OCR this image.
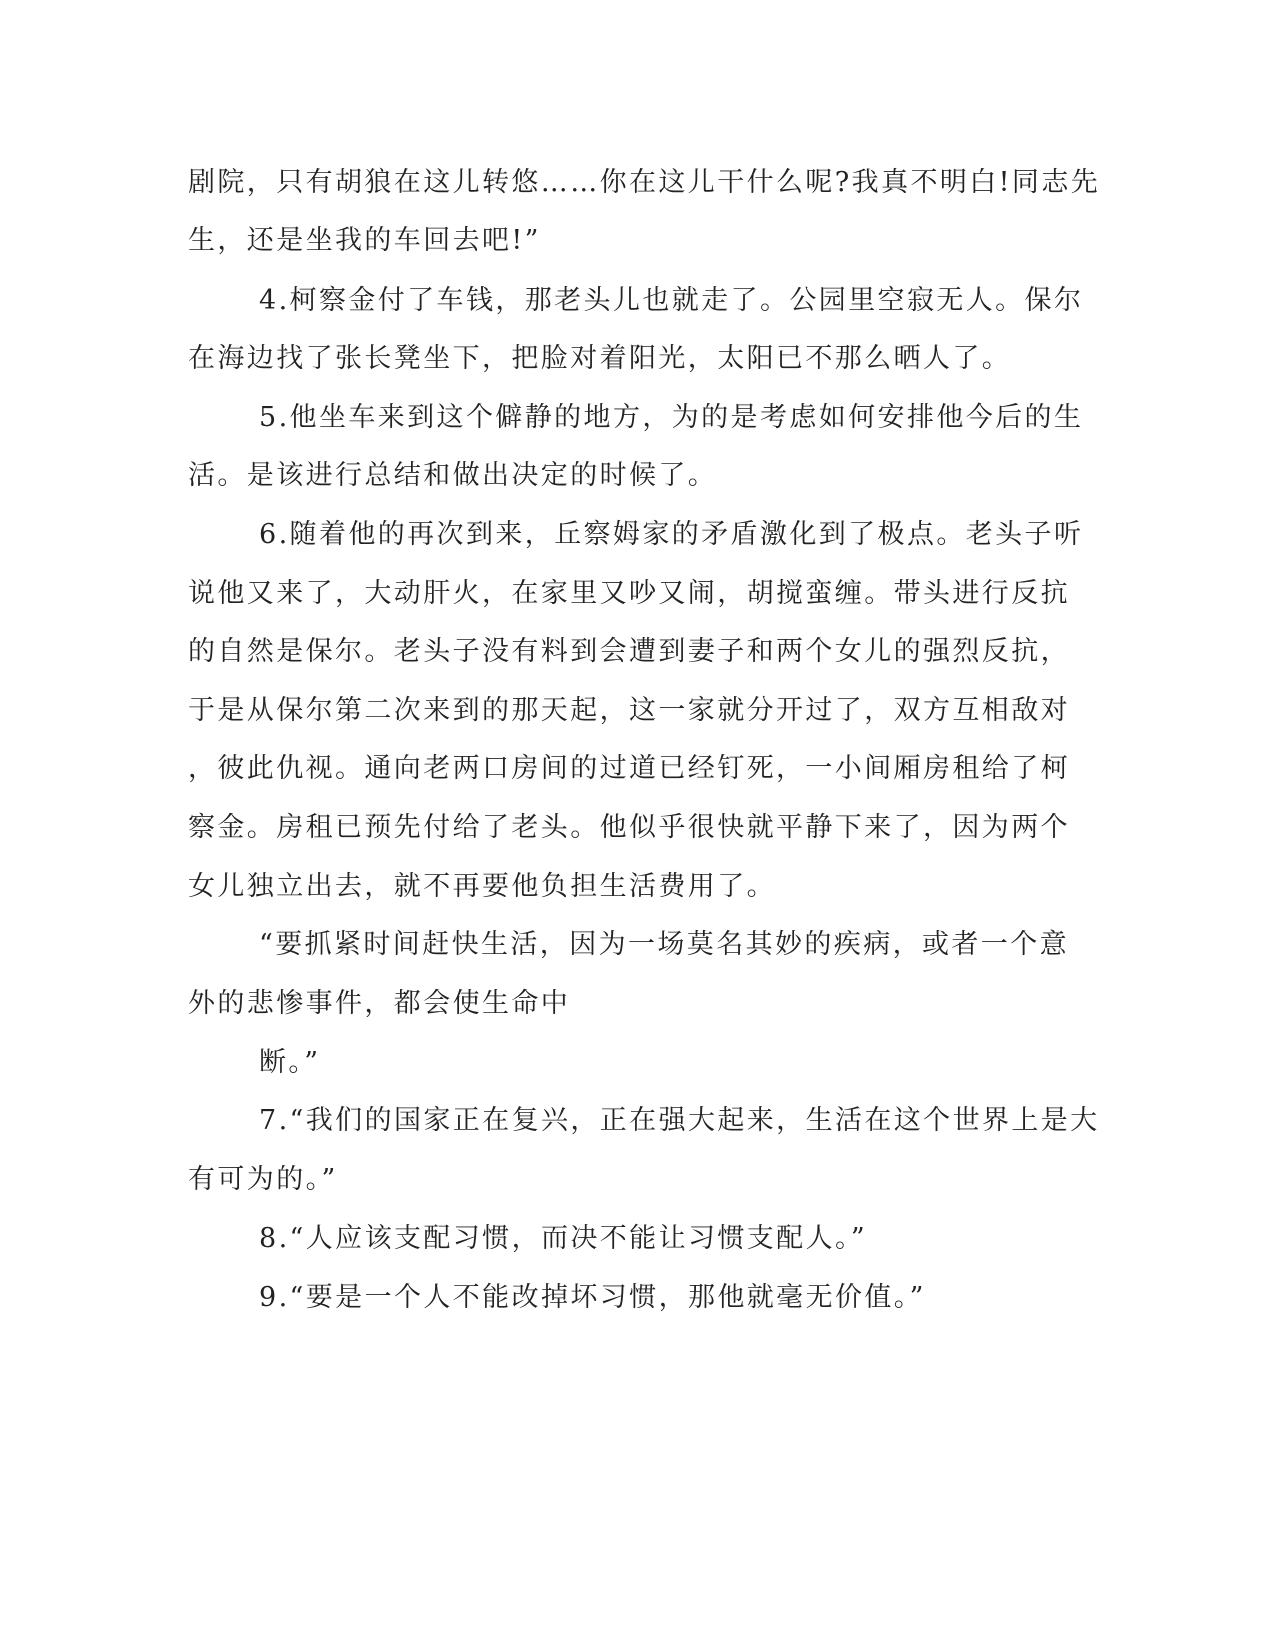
剧院，只有胡狼在这儿转悠……你在这儿干什么呢?我真不明白!同志先
生，还是坐我的车回去吧!”
4.柯察金付了车钱，那老头儿也就走了。公园里空寂无人。保尔
在海边找了张长凳坐下，把脸对着阳光，太阳已不那么晒人了。
5.他坐车来到这个僻静的地方，为的是考虑如何安排他今后的生
活。是该进行总结和做出决定的时候了。
6.随着他的再次到来，丘察姆家的矛盾激化到了极点。老头子听
说他又来了，大动肝火，在家里又吵又闹，胡搅蛮缠。带头进行反抗
的自然是保尔。老头子没有料到会遭到妻子和两个女儿的强烈反抗，
于是从保尔第二次来到的那天起，这一家就分开过了，双方互相敌对
，彼此仇视。通向老两口房间的过道已经钉死，一小间厢房租给了柯
察金。房租已预先付给了老头。他似乎很快就平静下来了，因为两个
女儿独立出去，就不再要他负担生活费用了。
“要抓紧时间赶快生活，因为一场莫名其妙的疾病，或者一个意
外的悲惨事件，都会使生命中
断。”
7.“我们的国家正在复兴，正在强大起来，生活在这个世界上是大
有可为的。”
8.“人应该支配习惯，而决不能让习惯支配人。”
9.“要是一个人不能改掉坏习惯，那他就毫无价值。”
